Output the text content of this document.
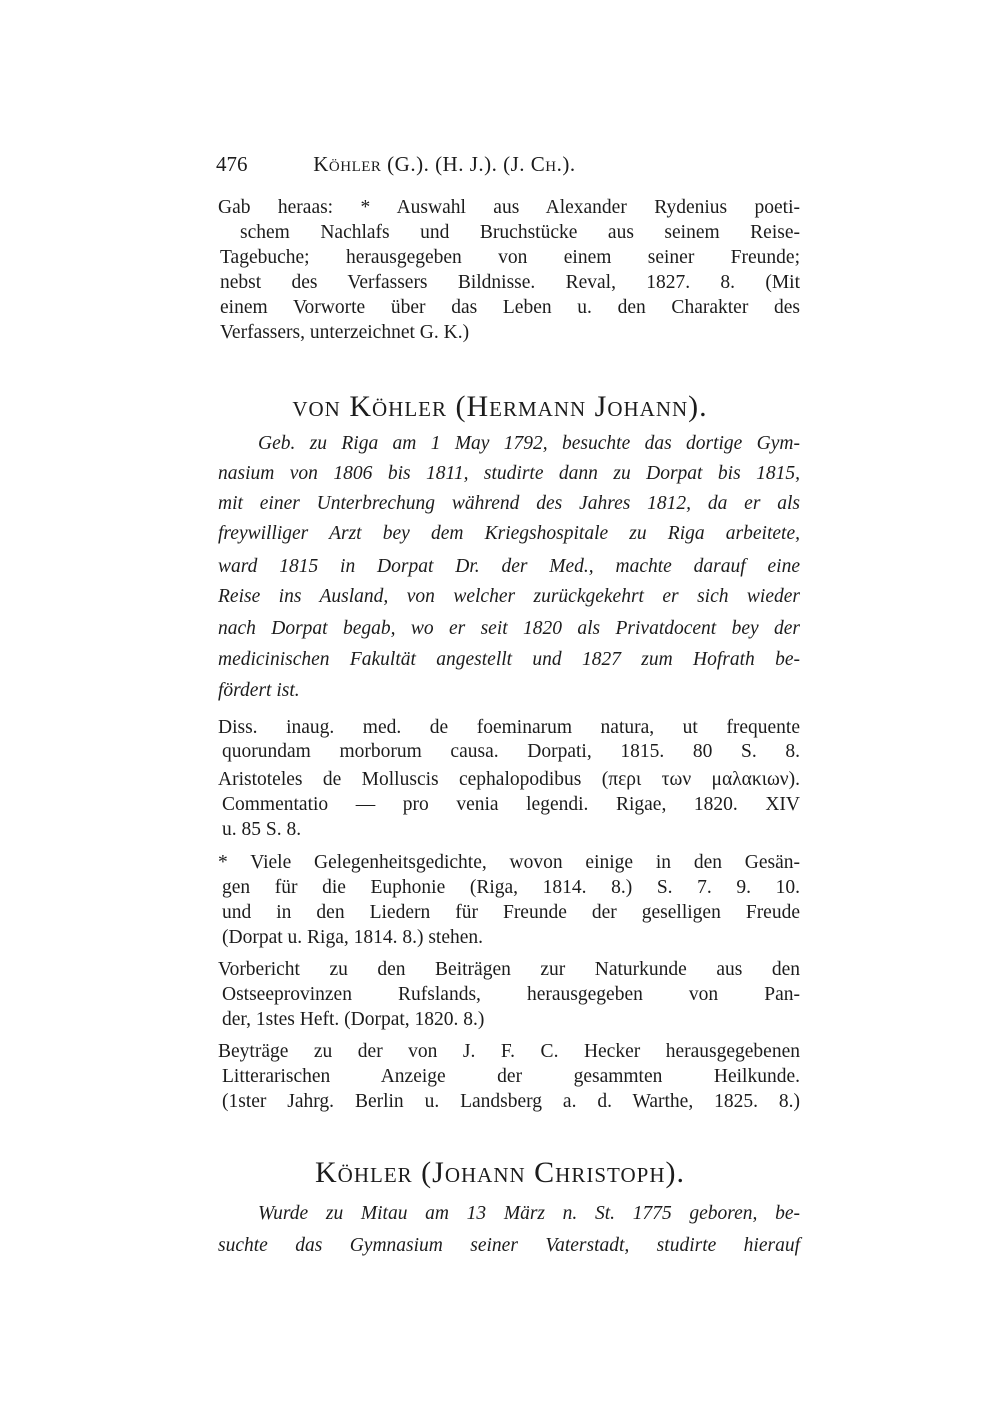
476	Köhler (G.). (H. J.). (J. Ch.).
Gab heraas: * Auswahl aus Alexander Rydenius poeti-
schem Nachlafs und Bruchstücke aus seinem Reise-
Tagebuche; herausgegeben von einem seiner Freunde;
nebst des Verfassers Bildnisse. Reval, 1827. 8. (Mit
einem Vorworte über das Leben u. den Charakter des
Verfassers, unterzeichnet G. K.)
von Köhler (Hermann Johann).
Geb. zu Riga am 1 May 1792, besuchte das dortige Gym-
nasium von 1806 bis 1811, studirte dann zu Dorpat bis 1815,
mit einer Unterbrechung während des Jahres 1812, da er als
freywilliger Arzt bey dem Kriegshospitale zu Riga arbeitete,
ward 1815 in Dorpat Dr. der Med., machte darauf eine
Reise ins Ausland, von welcher zurückgekehrt er sich wieder
nach Dorpat begab, wo er seit 1820 als Privatdocent bey der
medicinischen Fakultät angestellt und 1827 zum Hofrath be-
fördert ist.
Diss. inaug. med. de foeminarum natura, ut frequente
quorundam morborum causa. Dorpati, 1815. 80 S. 8.
Aristoteles de Molluscis cephalopodibus (περι των μαλακιων).
Commentatio — pro venia legendi. Rigae, 1820. XIV
u. 85 S. 8.
* Viele Gelegenheitsgedichte, wovon einige in den Gesän-
gen für die Euphonie (Riga, 1814. 8.) S. 7. 9. 10.
und in den Liedern für Freunde der geselligen Freude
(Dorpat u. Riga, 1814. 8.) stehen.
Vorbericht zu den Beiträgen zur Naturkunde aus den
Ostseeprovinzen Rufslands, herausgegeben von Pan-
der, 1stes Heft. (Dorpat, 1820. 8.)
Beyträge zu der von J. F. C. Hecker herausgegebenen
Litterarischen Anzeige der gesammten Heilkunde.
(1ster Jahrg. Berlin u. Landsberg a. d. Warthe, 1825. 8.)
Köhler (Johann Christoph).
Wurde zu Mitau am 13 März n. St. 1775 geboren, be-
suchte das Gymnasium seiner Vaterstadt, studirte hierauf
